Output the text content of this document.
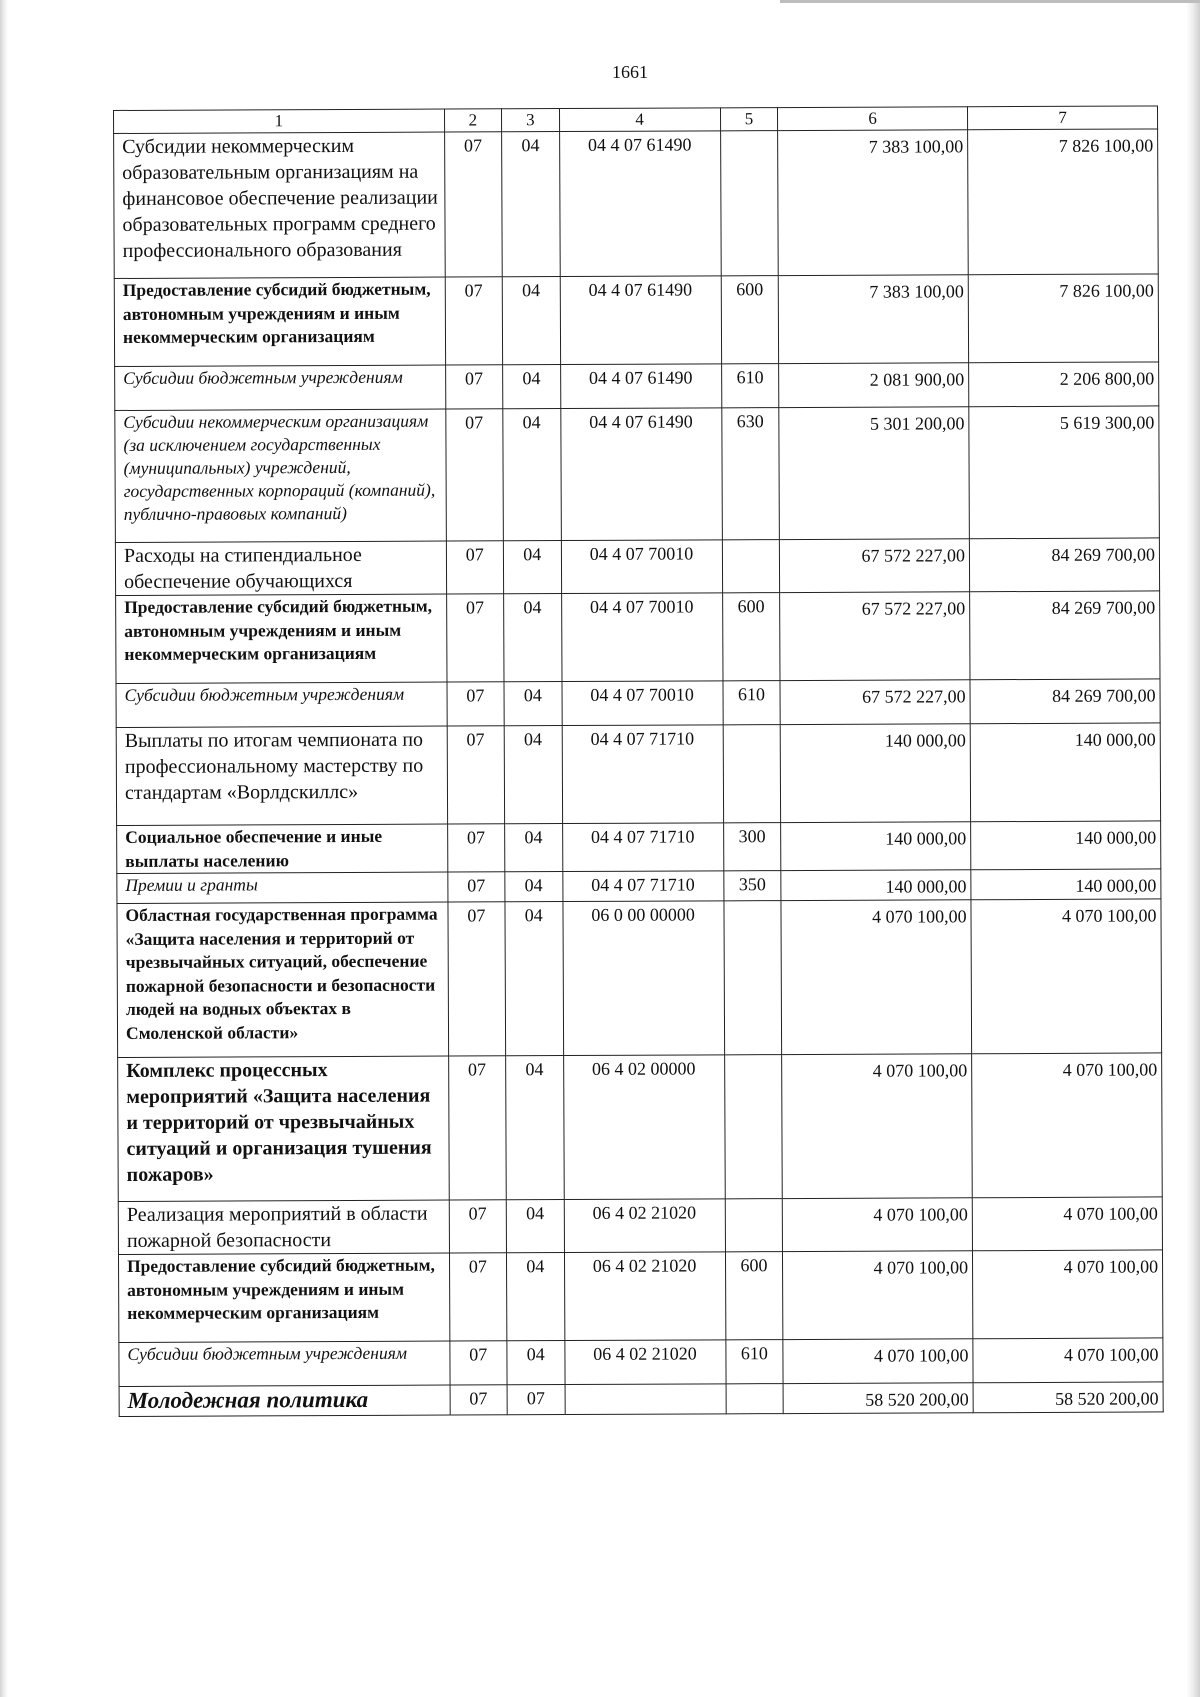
1661
1	2	3	4	5	6	7
Субсидии некоммерческим образовательным организациям на финансовое обеспечение реализации образовательных программ среднего профессионального образования	07	04	04 4 07 61490		7 383 100,00	7 826 100,00
Предоставление субсидий бюджетным, автономным учреждениям и иным некоммерческим организациям	07	04	04 4 07 61490	600	7 383 100,00	7 826 100,00
Субсидии бюджетным учреждениям	07	04	04 4 07 61490	610	2 081 900,00	2 206 800,00
Субсидии некоммерческим организациям (за исключением государственных (муниципальных) учреждений, государственных корпораций (компаний), публично-правовых компаний)	07	04	04 4 07 61490	630	5 301 200,00	5 619 300,00
Расходы на стипендиальное обеспечение обучающихся	07	04	04 4 07 70010		67 572 227,00	84 269 700,00
Предоставление субсидий бюджетным, автономным учреждениям и иным некоммерческим организациям	07	04	04 4 07 70010	600	67 572 227,00	84 269 700,00
Субсидии бюджетным учреждениям	07	04	04 4 07 70010	610	67 572 227,00	84 269 700,00
Выплаты по итогам чемпионата по профессиональному мастерству по стандартам «Ворлдскиллс»	07	04	04 4 07 71710		140 000,00	140 000,00
Социальное обеспечение и иные выплаты населению	07	04	04 4 07 71710	300	140 000,00	140 000,00
Премии и гранты	07	04	04 4 07 71710	350	140 000,00	140 000,00
Областная государственная программа «Защита населения и территорий от чрезвычайных ситуаций, обеспечение пожарной безопасности и безопасности людей на водных объектах в Смоленской области»	07	04	06 0 00 00000		4 070 100,00	4 070 100,00
Комплекс процессных мероприятий «Защита населения и территорий от чрезвычайных ситуаций и организация тушения пожаров»	07	04	06 4 02 00000		4 070 100,00	4 070 100,00
Реализация мероприятий в области пожарной безопасности	07	04	06 4 02 21020		4 070 100,00	4 070 100,00
Предоставление субсидий бюджетным, автономным учреждениям и иным некоммерческим организациям	07	04	06 4 02 21020	600	4 070 100,00	4 070 100,00
Субсидии бюджетным учреждениям	07	04	06 4 02 21020	610	4 070 100,00	4 070 100,00
Молодежная политика	07	07			58 520 200,00	58 520 200,00
